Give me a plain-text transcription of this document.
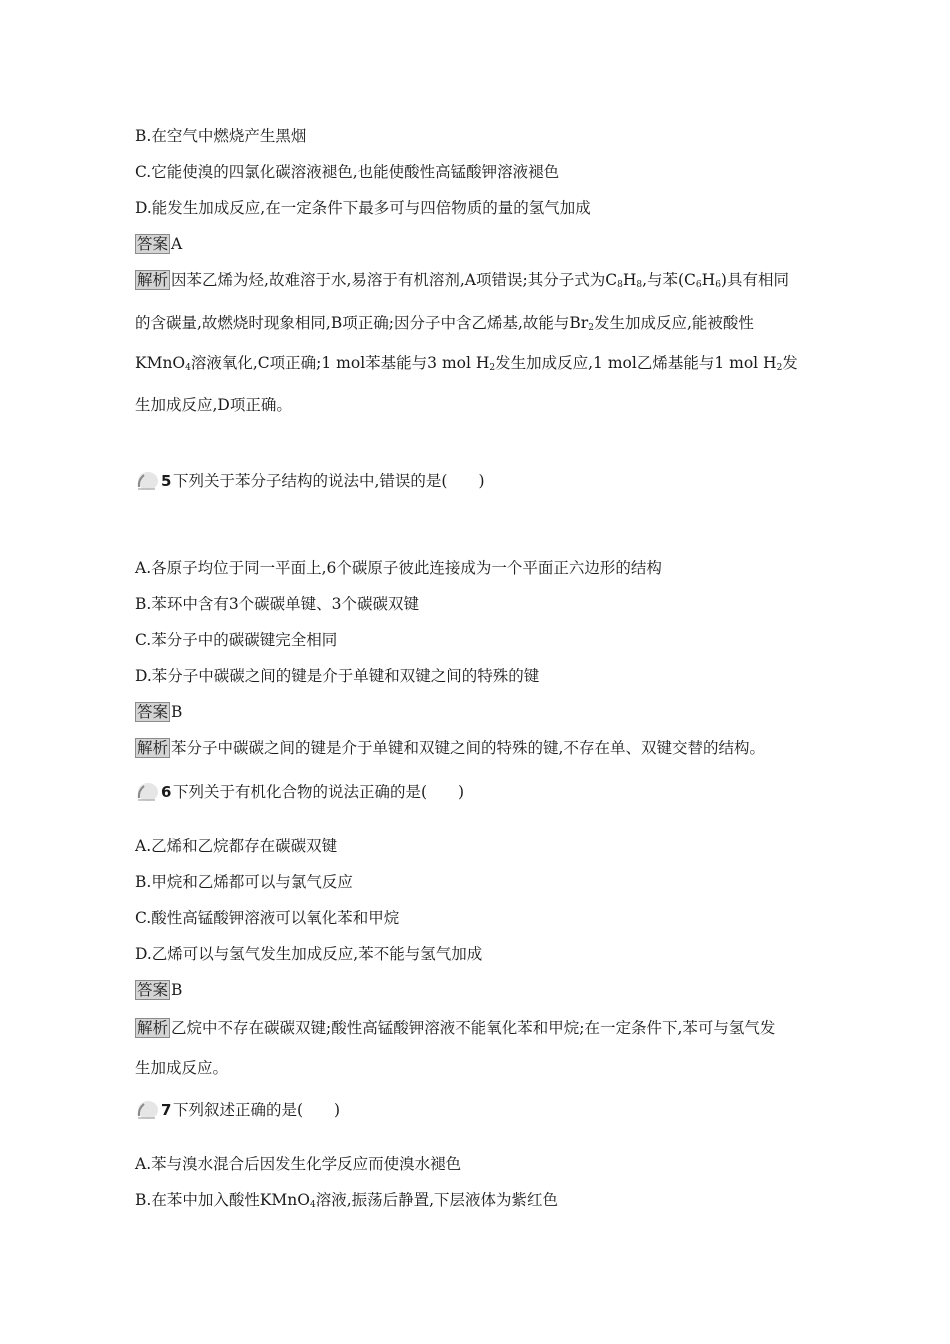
B.在空气中燃烧产生黑烟
C.它能使溴的四氯化碳溶液褪色,也能使酸性高锰酸钾溶液褪色
D.能发生加成反应,在一定条件下最多可与四倍物质的量的氢气加成
答案 A
解析 因苯乙烯为烃,故难溶于水,易溶于有机溶剂,A项错误;其分子式为$C_8H_8$,与苯$(C_6H_6)$具有相同
的含碳量,故燃烧时现象相同,B项正确;因分子中含乙烯基,故能与$Br_2$发生加成反应,能被酸性
KMnO$_4$溶液氧化,C项正确;1 mol苯基能与3 mol $H_2$发生加成反应,1 mol乙烯基能与1 mol $H_2$发
生加成反应,D项正确。
5 下列关于苯分子结构的说法中,错误的是(　　)
A.各原子均位于同一平面上,6个碳原子彼此连接成为一个平面正六边形的结构
B.苯环中含有3个碳碳单键、3个碳碳双键
C.苯分子中的碳碳键完全相同
D.苯分子中碳碳之间的键是介于单键和双键之间的特殊的键
答案 B
解析 苯分子中碳碳之间的键是介于单键和双键之间的特殊的键,不存在单、双键交替的结构。
6 下列关于有机化合物的说法正确的是(　　)
A.乙烯和乙烷都存在碳碳双键
B.甲烷和乙烯都可以与氯气反应
C.酸性高锰酸钾溶液可以氧化苯和甲烷
D.乙烯可以与氢气发生加成反应,苯不能与氢气加成
答案 B
解析 乙烷中不存在碳碳双键;酸性高锰酸钾溶液不能氧化苯和甲烷;在一定条件下,苯可与氢气发
生加成反应。
7 下列叙述正确的是(　　)
A.苯与溴水混合后因发生化学反应而使溴水褪色
B.在苯中加入酸性KMnO$_4$溶液,振荡后静置,下层液体为紫红色
